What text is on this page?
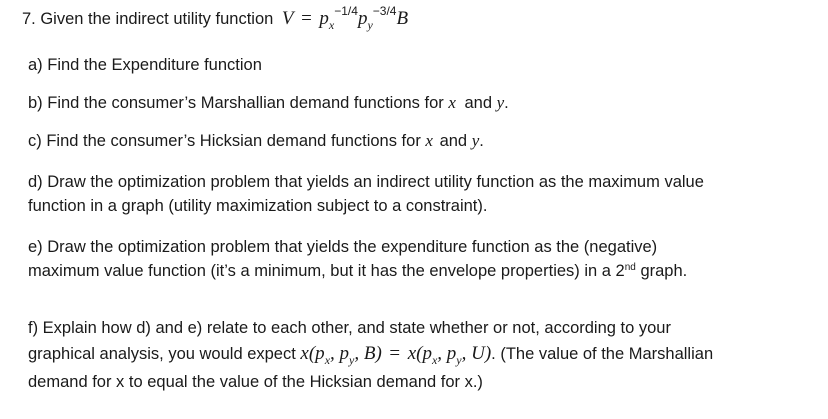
7. Given the indirect utility function $V = p_x^{-1/4}p_y^{-3/4}B$
a) Find the Expenditure function
b) Find the consumer’s Marshallian demand functions for x and y.
c) Find the consumer’s Hicksian demand functions for x and y.
d) Draw the optimization problem that yields an indirect utility function as the maximum value
function in a graph (utility maximization subject to a constraint).
e) Draw the optimization problem that yields the expenditure function as the (negative)
maximum value function (it’s a minimum, but it has the envelope properties) in a 2nd graph.
f) Explain how d) and e) relate to each other, and state whether or not, according to your
graphical analysis, you would expect $x(p_x$, $p_y$, $B) = x(p_x$, $p_y$, U). (The value of the Marshallian
demand for x to equal the value of the Hicksian demand for x.)
